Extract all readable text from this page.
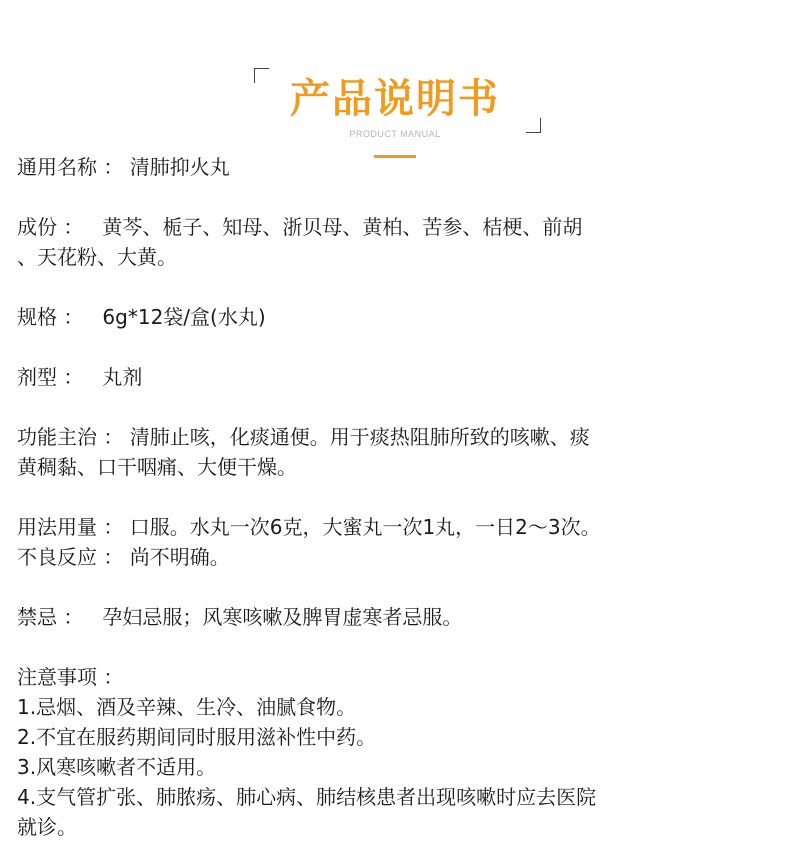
产品说明书
PRODUCT MANUAL
通用名称 ： 清肺抑火丸
成份 ：   黄芩、栀子、知母、浙贝母、黄柏、苦参、桔梗、前胡
、天花粉、大黄。
规格 ：   6g*12袋/盒(水丸)
剂型 ：   丸剂
功能主治 ： 清肺止咳，化痰通便。用于痰热阻肺所致的咳嗽、痰
黄稠黏、口干咽痛、大便干燥。
用法用量 ： 口服。水丸一次6克，大蜜丸一次1丸，一日2～3次。
不良反应 ： 尚不明确。
禁忌 ：   孕妇忌服；风寒咳嗽及脾胃虚寒者忌服。
注意事项 ：
1.忌烟、酒及辛辣、生冷、油腻食物。
2.不宜在服药期间同时服用滋补性中药。
3.风寒咳嗽者不适用。
4.支气管扩张、肺脓疡、肺心病、肺结核患者出现咳嗽时应去医院
就诊。
